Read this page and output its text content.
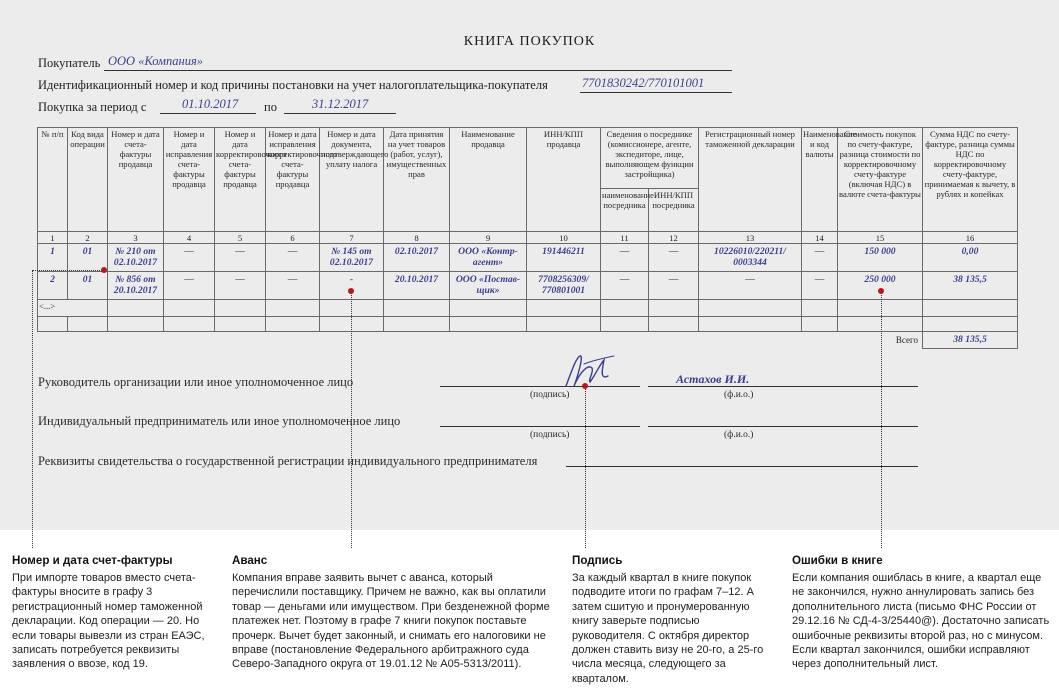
КНИГА ПОКУПОК
Покупатель ООО «Компания»
Идентификационный номер и код причины постановки на учет налогоплательщика-покупателя	7701830242/770101001
Покупка за период с	01.10.2017 по	31.12.2017
№ п/п	Код вида операции	Номер и дата счета-фактуры продавца	Номер и дата исправления счета-фактуры продавца	Номер и дата корректировочного счета-фактуры продавца	Номер и дата исправления корректировочного счета-фактуры продавца	Номер и дата документа, подтверждающего уплату налога	Дата принятия на учет товаров (работ, услуг), имущественных прав	Наименование продавца	ИНН/КПП продавца	Сведения о посреднике (комиссионере, агенте, экспедиторе, лице, выполняющем функции застройщика)		Регистрационный номер таможенной декларации	Наименование и код валюты	Стоимость покупок по счету-фактуре, разница стоимости по корректировочному счету-фактуре (включая НДС) в валюте счета-фактуры	Сумма НДС по счету-фактуре, разница суммы НДС по корректировочному счету-фактуре, принимаемая к вычету, в рублях и копейках
										наименование посредника	ИНН/КПП посредника				
1	2	3	4	5	6	7	8	9	10	11	12	13	14	15	16
1	01	№ 210 от 02.10.2017	—	—	—	№ 145 от 02.10.2017	02.10.2017	ООО «Контр-агент»	191446211	—	—	10226010/220211/ 0003344	—	150 000	0,00
2	01	№ 856 от 20.10.2017	—	—	—	-	20.10.2017	ООО «Постав-щик»	7708256309/ 770801001	—	—	—	—	250 000	38 135,5
<...>															

Всего															38 135,5
Руководитель организации или иное уполномоченное лицо	Астахов И.И.
(подпись)	(ф.и.о.)
Индивидуальный предприниматель или иное уполномоченное лицо
(подпись)	(ф.и.о.)
Реквизиты свидетельства о государственной регистрации индивидуального предпринимателя
Номер и дата счет-фактуры

При импорте товаров вместо счета-фактуры вносите в графу 3 регистрационный номер таможенной декларации. Код операции — 20. Но если товары вывезли из стран ЕАЭС, записать потребуется реквизиты заявления о ввозе, код 19.

Аванс

Компания вправе заявить вычет с аванса, который перечислили поставщику. Причем не важно, как вы оплатили товар — деньгами или имуществом. При безденежной форме платежек нет. Поэтому в графе 7 книги покупок поставьте прочерк. Вычет будет законный, и снимать его налоговики не вправе (постановление Федерального арбитражного суда Северо-Западного округа от 19.01.12 № А05-5313/2011).

Подпись

За каждый квартал в книге покупок подводите итоги по графам 7–12. А затем сшитую и пронумерованную книгу заверьте подписью руководителя. С октября директор должен ставить визу не 20-го, а 25-го числа месяца, следующего за кварталом.

Ошибки в книге

Если компания ошиблась в книге, а квартал еще не закончился, нужно аннулировать запись без дополнительного листа (письмо ФНС России от 29.12.16 № СД-4-3/25440@). Достаточно записать ошибочные реквизиты второй раз, но с минусом. Если квартал закончился, ошибки исправляют через дополнительный лист.
